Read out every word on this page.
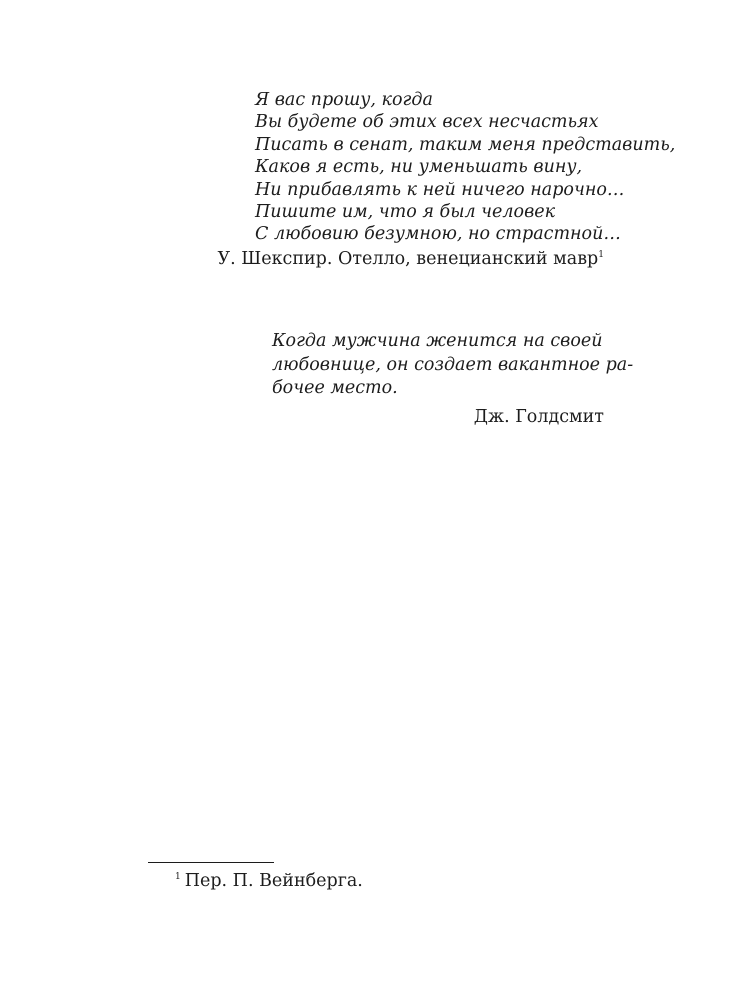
Я вас прошу, когда
Вы будете об этих всех несчастьях
Писать в сенат, таким меня представить,
Каков я есть, ни уменьшать вину,
Ни прибавлять к ней ничего нарочно…
Пишите им, что я был человек
С любовию безумною, но страстной…
У. Шекспир. Отелло, венецианский мавр$^1$
Когда мужчина женится на своей
любовнице, он создает вакантное ра-
бочее место.
Дж. Голдсмит
$^1$ Пер. П. Вейнберга.
